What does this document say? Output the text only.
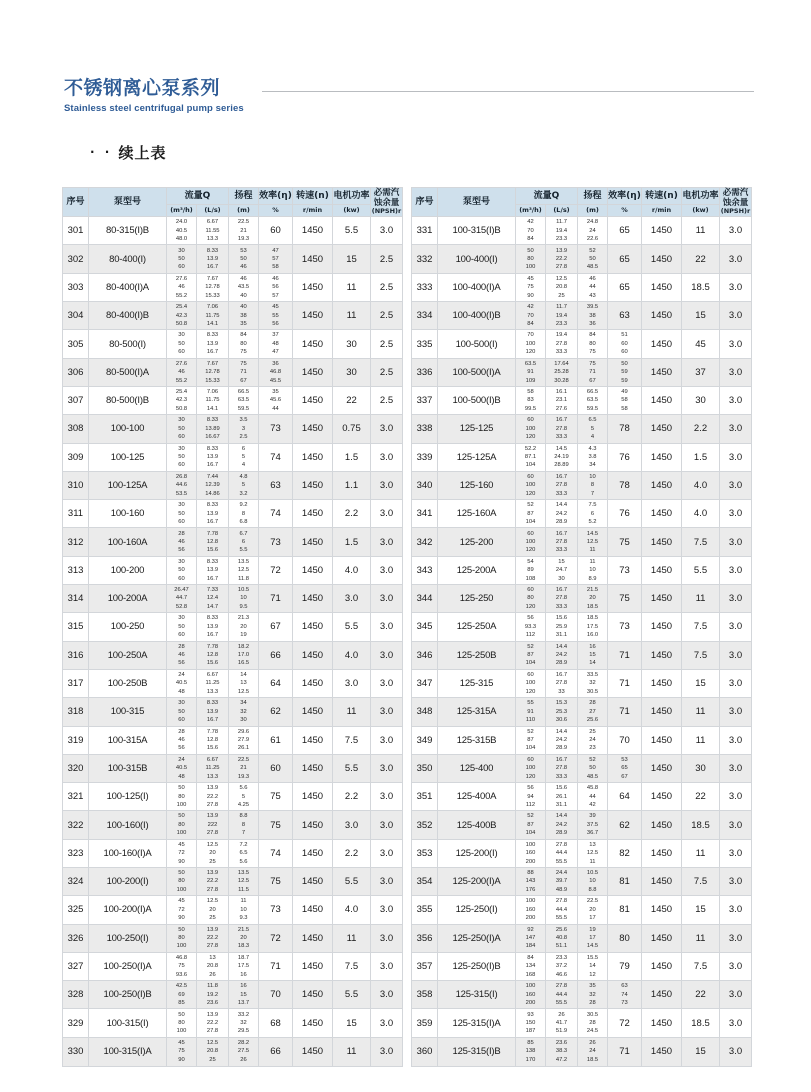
不锈钢离心泵系列
Stainless steel centrifugal pump series
· · 续上表
序号	泵型号	流量Q		扬程	效率(η)	转速(n)	电机功率	必需汽 蚀余量
(NPSH)r

		(m³/h)	(L/s)	(m)	%	r/min	(kw)	
301	80-315(I)B	24.0
40.5
48.0	6.67
11.55
13.3	22.5
21
19.3	60	1450	5.5	3.0
302	80-400(I)	30
50
60	8.33
13.9
16.7	53
50
46	47
57
58	1450	15	2.5
303	80-400(I)A	27.6
46
55.2	7.67
12.78
15.33	46
43.5
40	46
56
57	1450	11	2.5
304	80-400(I)B	25.4
42.3
50.8	7.06
11.75
14.1	40
38
35	45
55
56	1450	11	2.5
305	80-500(I)	30
50
60	8.33
13.9
16.7	84
80
75	37
48
47	1450	30	2.5
306	80-500(I)A	27.6
46
55.2	7.67
12.78
15.33	75
71
67	36
46.8
45.5	1450	30	2.5
307	80-500(I)B	25.4
42.3
50.8	7.06
11.75
14.1	66.5
63.5
59.5	35
45.6
44	1450	22	2.5
308	100-100	30
50
60	8.33
13.89
16.67	3.5
3
2.5	73	1450	0.75	3.0
309	100-125	30
50
60	8.33
13.9
16.7	6
5
4	74	1450	1.5	3.0
310	100-125A	26.8
44.6
53.5	7.44
12.39
14.86	4.8
5
3.2	63	1450	1.1	3.0
311	100-160	30
50
60	8.33
13.9
16.7	9.2
8
6.8	74	1450	2.2	3.0
312	100-160A	28
46
56	7.78
12.8
15.6	6.7
6
5.5	73	1450	1.5	3.0
313	100-200	30
50
60	8.33
13.9
16.7	13.5
12.5
11.8	72	1450	4.0	3.0
314	100-200A	26.47
44.7
52.8	7.33
12.4
14.7	10.5
10
9.5	71	1450	3.0	3.0
315	100-250	30
50
60	8.33
13.9
16.7	21.3
20
19	67	1450	5.5	3.0
316	100-250A	28
46
56	7.78
12.8
15.6	18.2
17.0
16.5	66	1450	4.0	3.0
317	100-250B	24
40.5
48	6.67
11.25
13.3	14
13
12.5	64	1450	3.0	3.0
318	100-315	30
50
60	8.33
13.9
16.7	34
32
30	62	1450	11	3.0
319	100-315A	28
46
56	7.78
12.8
15.6	29.6
27.9
26.1	61	1450	7.5	3.0
320	100-315B	24
40.5
48	6.67
11.25
13.3	22.5
21
19.3	60	1450	5.5	3.0
321	100-125(I)	50
80
100	13.9
22.2
27.8	5.6
5
4.25	75	1450	2.2	3.0
322	100-160(I)	50
80
100	13.9
222
27.8	8.8
8
7	75	1450	3.0	3.0
323	100-160(I)A	45
72
90	12.5
20
25	7.2
6.5
5.6	74	1450	2.2	3.0
324	100-200(I)	50
80
100	13.9
22.2
27.8	13.5
12.5
11.5	75	1450	5.5	3.0
325	100-200(I)A	45
72
90	12.5
20
25	11
10
9.3	73	1450	4.0	3.0
326	100-250(I)	50
80
100	13.9
22.2
27.8	21.5
20
18.3	72	1450	11	3.0
327	100-250(I)A	46.8
75
93.6	13
20.8
26	18.7
17.5
16	71	1450	7.5	3.0
328	100-250(I)B	42.5
69
85	11.8
19.2
23.6	16
15
13.7	70	1450	5.5	3.0
329	100-315(I)	50
80
100	13.9
22.2
27.8	33.2
32
29.5	68	1450	15	3.0
330	100-315(I)A	45
75
90	12.5
20.8
25	28.2
27.5
26	66	1450	11	3.0
序号	泵型号	流量Q		扬程	效率(η)	转速(n)	电机功率	必需汽 蚀余量
(NPSH)r

		(m³/h)	(L/s)	(m)	%	r/min	(kw)	
331	100-315(I)B	42
70
84	11.7
19.4
23.3	24.8
24
22.6	65	1450	11	3.0
332	100-400(I)	50
80
100	13.9
22.2
27.8	52
50
48.5	65	1450	22	3.0
333	100-400(I)A	45
75
90	12.5
20.8
25	46
44
43	65	1450	18.5	3.0
334	100-400(I)B	42
70
84	11.7
19.4
23.3	39.5
38
36	63	1450	15	3.0
335	100-500(I)	70
100
120	19.4
27.8
33.3	84
80
75	51
60
60	1450	45	3.0
336	100-500(I)A	63.5
91
109	17.64
25.28
30.28	75
71
67	50
59
59	1450	37	3.0
337	100-500(I)B	58
83
99.5	16.1
23.1
27.6	66.5
63.5
59.5	49
58
58	1450	30	3.0
338	125-125	60
100
120	16.7
27.8
33.3	6.5
5
4	78	1450	2.2	3.0
339	125-125A	52.2
87.1
104	14.5
24.19
28.89	4.3
3.8
34	76	1450	1.5	3.0
340	125-160	60
100
120	16.7
27.8
33.3	10
8
7	78	1450	4.0	3.0
341	125-160A	52
87
104	14.4
24.2
28.9	7.5
6
5.2	76	1450	4.0	3.0
342	125-200	60
100
120	16.7
27.8
33.3	14.5
12.5
11	75	1450	7.5	3.0
343	125-200A	54
89
108	15
24.7
30	11
10
8.9	73	1450	5.5	3.0
344	125-250	60
80
120	16.7
27.8
33.3	21.5
20
18.5	75	1450	11	3.0
345	125-250A	56
93.3
112	15.6
25.9
31.1	18.5
17.5
16.0	73	1450	7.5	3.0
346	125-250B	52
87
104	14.4
24.2
28.9	16
15
14	71	1450	7.5	3.0
347	125-315	60
100
120	16.7
27.8
33	33.5
32
30.5	71	1450	15	3.0
348	125-315A	55
91
110	15.3
25.3
30.6	28
27
25.6	71	1450	11	3.0
349	125-315B	52
87
104	14.4
24.2
28.9	25
24
23	70	1450	11	3.0
350	125-400	60
100
120	16.7
27.8
33.3	52
50
48.5	53
65
67	1450	30	3.0
351	125-400A	56
94
112	15.6
26.1
31.1	45.8
44
42	64	1450	22	3.0
352	125-400B	52
87
104	14.4
24.2
28.9	39
37.5
36.7	62	1450	18.5	3.0
353	125-200(I)	100
160
200	27.8
44.4
55.5	13
12.5
11	82	1450	11	3.0
354	125-200(I)A	88
143
176	24.4
39.7
48.9	10.5
10
8.8	81	1450	7.5	3.0
355	125-250(I)	100
160
200	27.8
44.4
55.5	22.5
20
17	81	1450	15	3.0
356	125-250(I)A	92
147
184	25.6
40.8
51.1	19
17
14.5	80	1450	11	3.0
357	125-250(I)B	84
134
168	23.3
37.2
46.6	15.5
14
12	79	1450	7.5	3.0
358	125-315(I)	100
160
200	27.8
44.4
55.5	35
32
28	63
74
73	1450	22	3.0
359	125-315(I)A	93
150
187	26
41.7
51.9	30.5
28
24.5	72	1450	18.5	3.0
360	125-315(I)B	85
138
170	23.6
38.3
47.2	26
24
18.5	71	1450	15	3.0
